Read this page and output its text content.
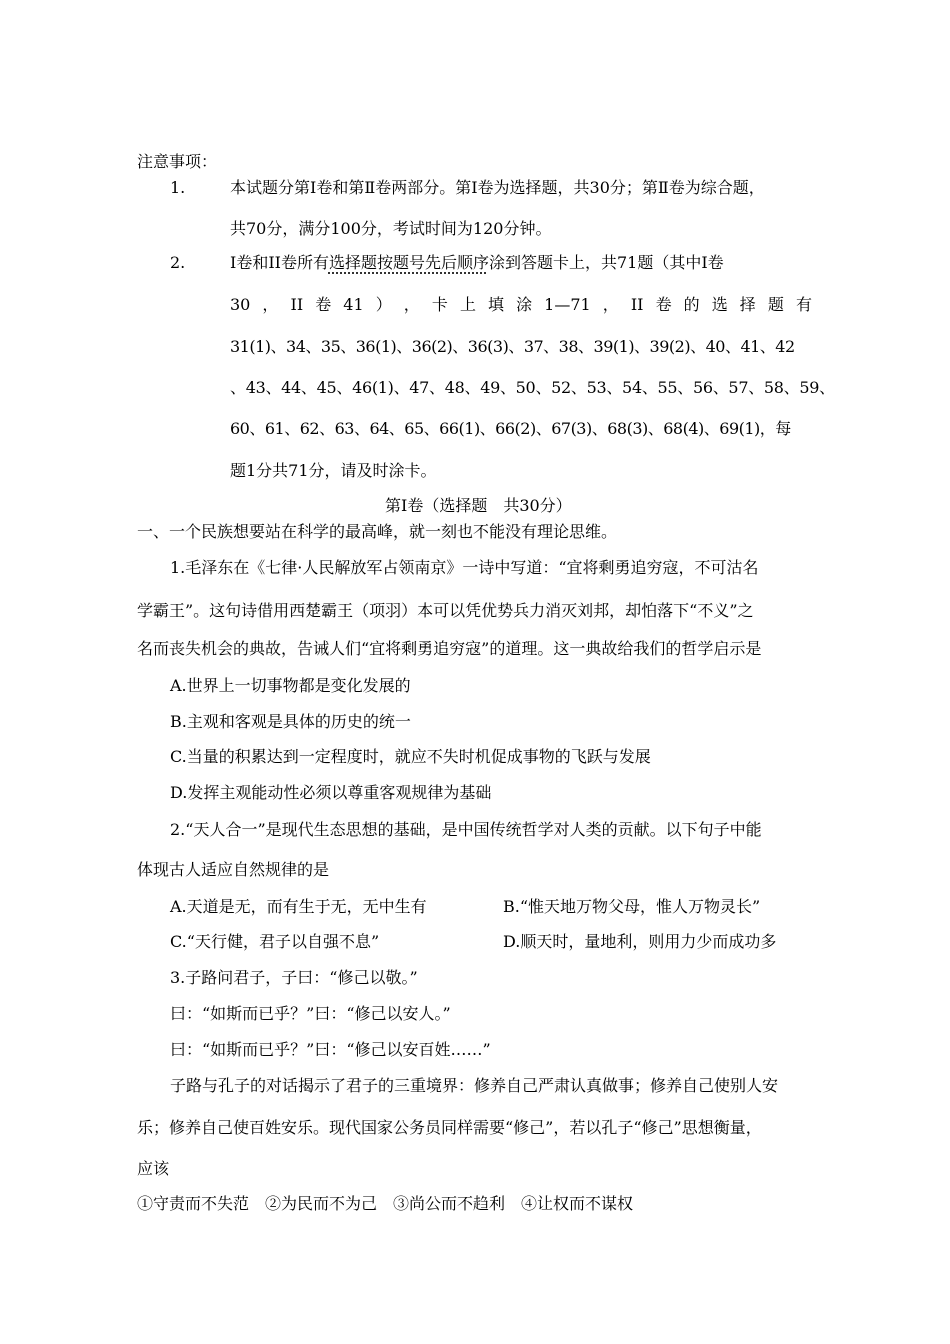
注意事项：
1.	本试题分第Ⅰ卷和第Ⅱ卷两部分。第Ⅰ卷为选择题，共30分；第Ⅱ卷为综合题，
共70分，满分100分，考试时间为120分钟。
2.	Ⅰ卷和II卷所有选择题按题号先后顺序涂到答题卡上，共71题（其中Ⅰ卷
30 ， II 卷 41 ） ， 卡 上 填 涂 1—71 ， II 卷 的 选 择 题 有
31(1)、34、35、36(1)、36(2)、36(3)、37、38、39(1)、39(2)、40、41、42
、43、44、45、46(1)、47、48、49、50、52、53、54、55、56、57、58、59、
60、61、62、63、64、65、66(1)、66(2)、67(3)、68(3)、68(4)、69(1)，每
题1分共71分，请及时涂卡。
第Ⅰ卷（选择题　共30分）
一、一个民族想要站在科学的最高峰，就一刻也不能没有理论思维。
1.毛泽东在《七律·人民解放军占领南京》一诗中写道：“宜将剩勇追穷寇，不可沽名
学霸王”。这句诗借用西楚霸王（项羽）本可以凭优势兵力消灭刘邦，却怕落下“不义”之
名而丧失机会的典故，告诫人们“宜将剩勇追穷寇”的道理。这一典故给我们的哲学启示是
A.世界上一切事物都是变化发展的
B.主观和客观是具体的历史的统一
C.当量的积累达到一定程度时，就应不失时机促成事物的飞跃与发展
D.发挥主观能动性必须以尊重客观规律为基础
2.“天人合一”是现代生态思想的基础，是中国传统哲学对人类的贡献。以下句子中能
体现古人适应自然规律的是
A.天道是无，而有生于无，无中生有	B.“惟天地万物父母，惟人万物灵长”
C.“天行健，君子以自强不息”	D.顺天时，量地利，则用力少而成功多
3.子路问君子，子曰：“修己以敬。”
曰：“如斯而已乎？”曰：“修己以安人。”
曰：“如斯而已乎？”曰：“修己以安百姓……”
子路与孔子的对话揭示了君子的三重境界：修养自己严肃认真做事；修养自己使别人安
乐；修养自己使百姓安乐。现代国家公务员同样需要“修己”，若以孔子“修己”思想衡量，
应该
①守责而不失范　②为民而不为己　③尚公而不趋利　④让权而不谋权
